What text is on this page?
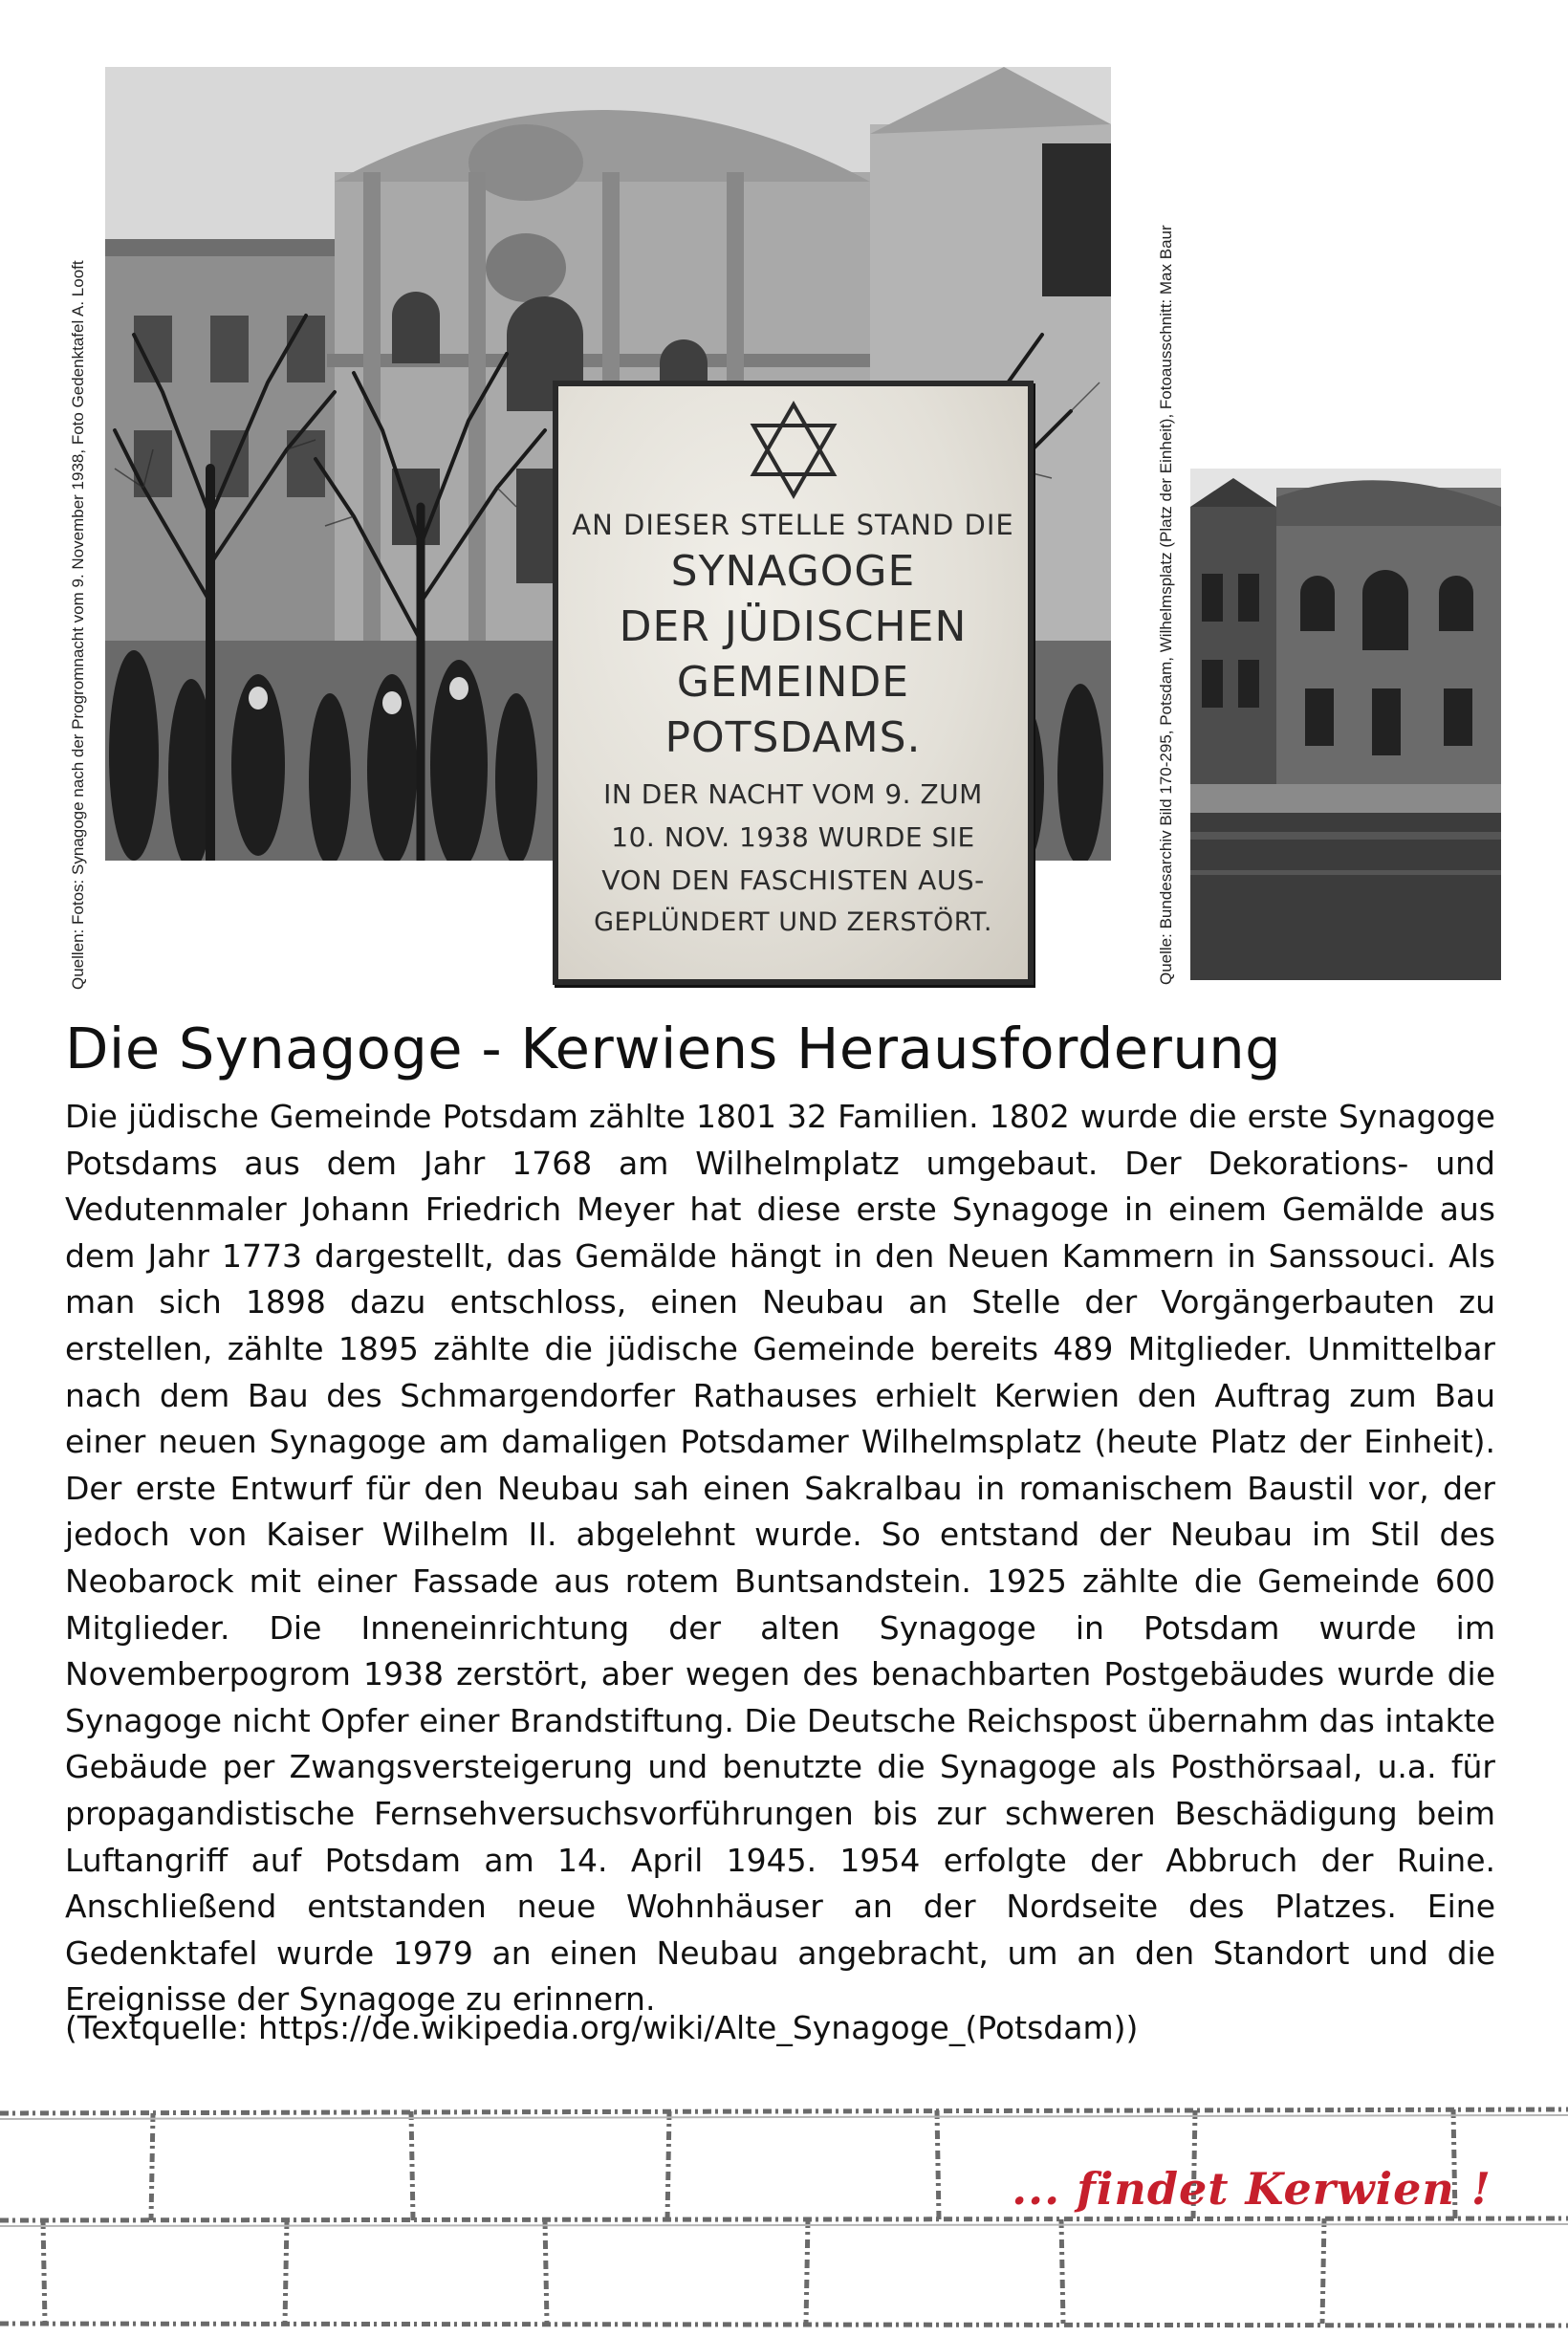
Quellen: Fotos: Synagoge nach der Progromnacht vom 9. November 1938, Foto Gedenktafel A. Looft	Quelle: Bundesarchiv Bild 170-295, Potsdam, Wilhelmsplatz (Platz der Einheit), Fotoausschnitt: Max Baur
AN DIESER STELLE STAND DIE
SYNAGOGE
DER JÜDISCHEN
GEMEINDE
POTSDAMS.
IN DER NACHT VOM 9. ZUM
10. NOV. 1938 WURDE SIE
VON DEN FASCHISTEN AUS-
GEPLÜNDERT UND ZERSTÖRT.
Die Synagoge - Kerwiens Herausforderung

Die jüdische Gemeinde Potsdam zählte 1801 32 Familien. 1802 wurde die erste Synagoge Potsdams aus dem Jahr 1768 am Wilhelmplatz umgebaut. Der Dekorations- und Vedutenmaler Johann Friedrich Meyer hat diese erste Synagoge in einem Gemälde aus dem Jahr 1773 dargestellt, das Gemälde hängt in den Neuen Kammern in Sanssouci. Als man sich 1898 dazu entschloss, einen Neubau an Stelle der Vorgängerbauten zu erstellen, zählte 1895 zählte die jüdische Gemeinde bereits 489 Mitglieder. Unmittelbar nach dem Bau des Schmargendorfer Rathauses erhielt Kerwien den Auftrag zum Bau einer neuen Synagoge am damaligen Potsdamer Wilhelmsplatz (heute Platz der Einheit). Der erste Entwurf für den Neubau sah einen Sakralbau in romanischem Baustil vor, der jedoch von Kaiser Wilhelm II. abgelehnt wurde. So entstand der Neubau im Stil des Neobarock mit einer Fassade aus rotem Buntsandstein. 1925 zählte die Gemeinde 600 Mitglieder. Die Inneneinrichtung der alten Synagoge in Potsdam wurde im Novemberpogrom 1938 zerstört, aber wegen des benachbarten Postgebäudes wurde die Synagoge nicht Opfer einer Brandstiftung. Die Deutsche Reichspost übernahm das intakte Gebäude per Zwangsversteigerung und benutzte die Synagoge als Posthörsaal, u.a. für propagandistische Fernsehversuchsvorführungen bis zur schweren Beschädigung beim Luftangriff auf Potsdam am 14. April 1945. 1954 erfolgte der Abbruch der Ruine. Anschließend entstanden neue Wohnhäuser an der Nordseite des Platzes. Eine Gedenktafel wurde 1979 an einen Neubau angebracht, um an den Standort und die Ereignisse der Synagoge zu erinnern.

(Textquelle: https://de.wikipedia.org/wiki/Alte_Synagoge_(Potsdam))

... findet Kerwien !
